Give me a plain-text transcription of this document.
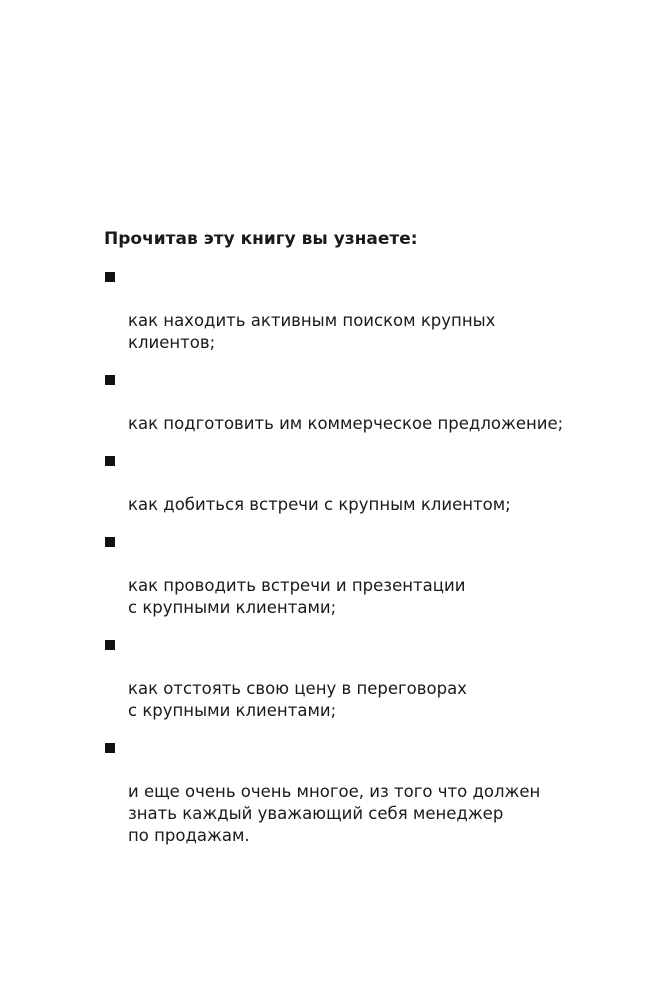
Прочитав эту книгу вы узнаете:

как находить активным поиском крупных
клиентов;

как подготовить им коммерческое предложение;

как добиться встречи с крупным клиентом;

как проводить встречи и презентации
с крупными клиентами;

как отстоять свою цену в переговорах
с крупными клиентами;

и еще очень очень многое, из того что должен
знать каждый уважающий себя менеджер
по продажам.
